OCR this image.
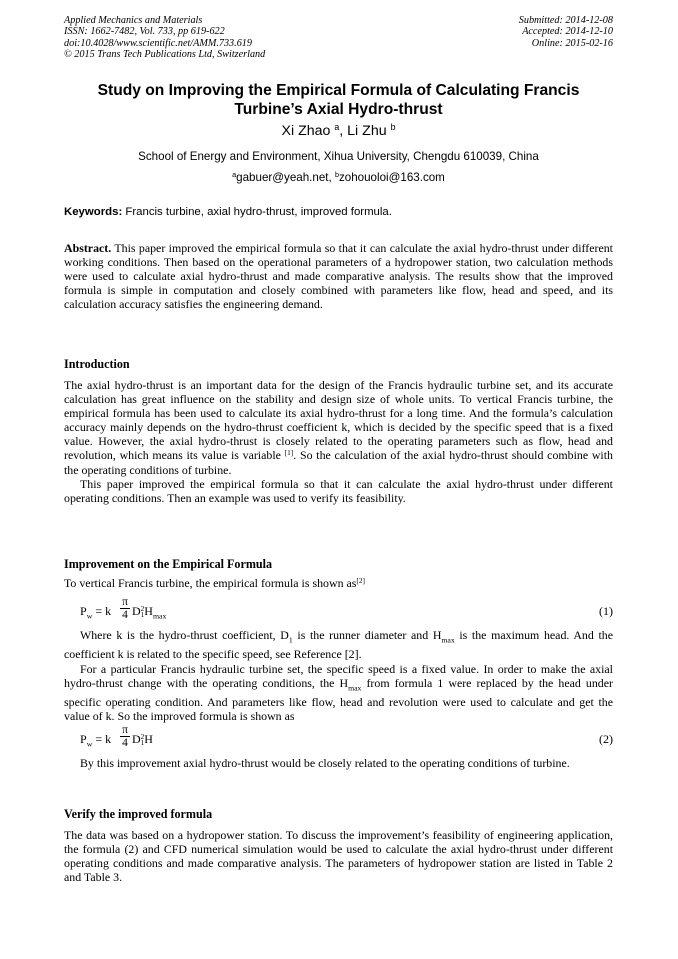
Applied Mechanics and Materials
ISSN: 1662-7482, Vol. 733, pp 619-622
doi:10.4028/www.scientific.net/AMM.733.619
© 2015 Trans Tech Publications Ltd, Switzerland
Submitted: 2014-12-08
Accepted: 2014-12-10
Online: 2015-02-16
Study on Improving the Empirical Formula of Calculating Francis
Turbine’s Axial Hydro-thrust
Xi Zhao $^a$, Li Zhu $^b$
School of Energy and Environment, Xihua University, Chengdu 610039, China
$^a$gabuer@yeah.net, $^b$zohouoloi@163.com
Keywords: Francis turbine, axial hydro-thrust, improved formula.

Abstract. This paper improved the empirical formula so that it can calculate the axial hydro-thrust under different working conditions. Then based on the operational parameters of a hydropower station, two calculation methods were used to calculate axial hydro-thrust and made comparative analysis. The results show that the improved formula is simple in computation and closely combined with parameters like flow, head and speed, and its calculation accuracy satisfies the engineering demand.

Introduction

The axial hydro-thrust is an important data for the design of the Francis hydraulic turbine set, and its accurate calculation has great influence on the stability and design size of whole units. To vertical Francis turbine, the empirical formula has been used to calculate its axial hydro-thrust for a long time. And the formula’s calculation accuracy mainly depends on the hydro-thrust coefficient k, which is decided by the specific speed that is a fixed value. However, the axial hydro-thrust is closely related to the operating parameters such as flow, head and revolution, which means its value is variable [1]. So the calculation of the axial hydro-thrust should combine with the operating conditions of turbine.

This paper improved the empirical formula so that it can calculate the axial hydro-thrust under different operating conditions. Then an example was used to verify its feasibility.

Improvement on the Empirical Formula

To vertical Francis turbine, the empirical formula is shown as[2]

$P_w = k$
π
4 D 2
1 $H_{max}$	(1)

Where k is the hydro-thrust coefficient, $D_1$ is the runner diameter and $H_{max}$ is the maximum head. And the coefficient k is related to the specific speed, see Reference [2].

For a particular Francis hydraulic turbine set, the specific speed is a fixed value. In order to make the axial hydro-thrust change with the operating conditions, the $H_{max}$ from formula 1 were replaced by the head under specific operating condition. And parameters like flow, head and revolution were used to calculate and get the value of k. So the improved formula is shown as

$P_w = k$
π
4 D 2
1 H	(2)

By this improvement axial hydro-thrust would be closely related to the operating conditions of turbine.

Verify the improved formula

The data was based on a hydropower station. To discuss the improvement’s feasibility of engineering application, the formula (2) and CFD numerical simulation would be used to calculate the axial hydro-thrust under different operating conditions and made comparative analysis. The parameters of hydropower station are listed in Table 2 and Table 3.
